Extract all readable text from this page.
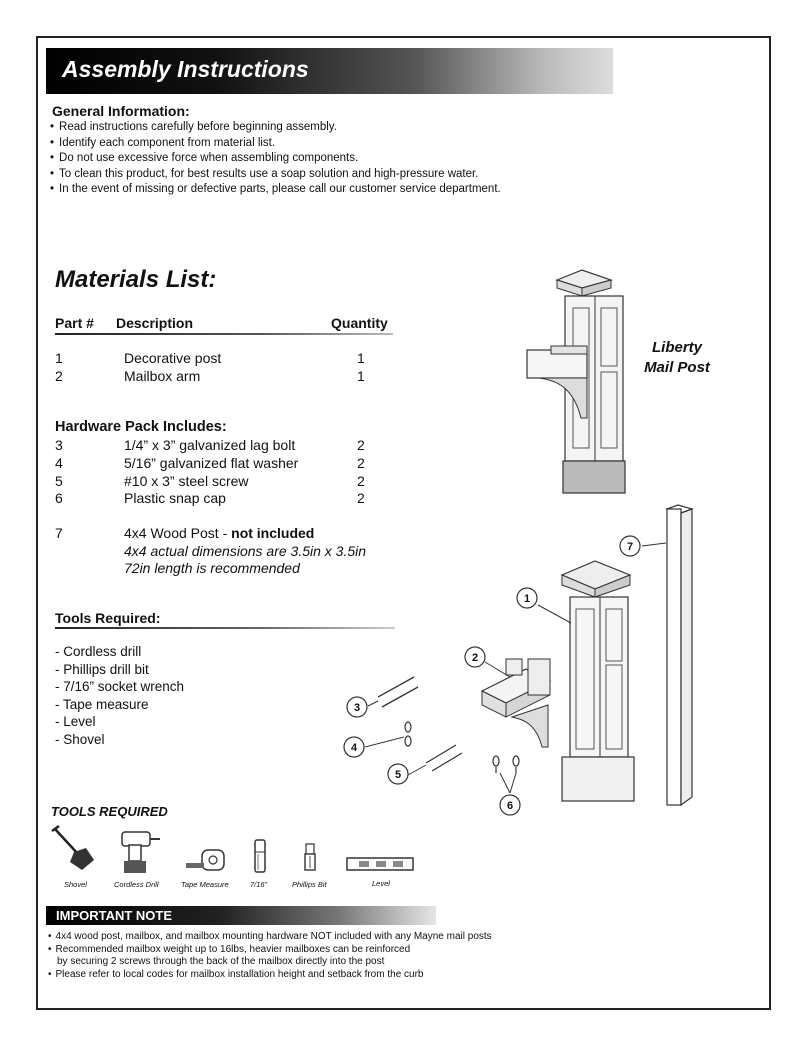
Assembly Instructions
General Information:
• Read instructions carefully before beginning assembly.
• Identify each component from material list.
• Do not use excessive force when assembling components.
• To clean this product, for best results use a soap solution and high-pressure water.
• In the event of missing or defective parts, please call our customer service department.
Materials List:
Part # Description	Quantity
1	Decorative post	1
2	Mailbox arm	1
Hardware Pack Includes:
3	1/4” x 3” galvanized lag bolt	2
4	5/16” galvanized flat washer	2
5	#10 x 3” steel screw	2
6	Plastic snap cap	2
7	4x4 Wood Post - not included
4x4 actual dimensions are 3.5in x 3.5in
72in length is recommended
Tools Required:
- Cordless drill
- Phillips drill bit
- 7/16” socket wrench
- Tape measure
- Level
- Shovel
TOOLS REQUIRED
Shovel	Cordless Drill	Tape Measure	7/16”	Phillips Bit	Level
Liberty
Mail Post
7
1
2
3
4
5
6
IMPORTANT NOTE
• 4x4 wood post, mailbox, and mailbox mounting hardware NOT included with any Mayne mail posts
• Recommended mailbox weight up to 16lbs, heavier mailboxes can be reinforced
by securing 2 screws through the back of the mailbox directly into the post
• Please refer to local codes for mailbox installation height and setback from the curb
